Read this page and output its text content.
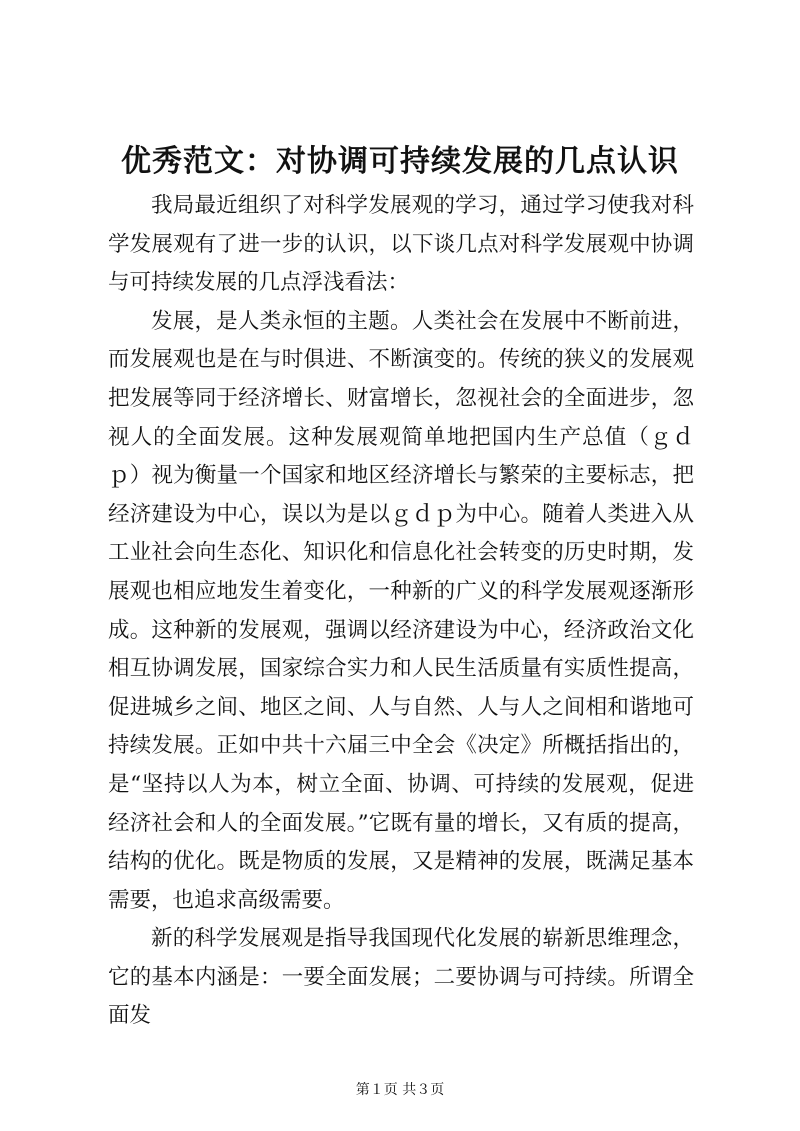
优秀范文：对协调可持续发展的几点认识

我局最近组织了对科学发展观的学习，通过学习使我对科学发展观有了进一步的认识，以下谈几点对科学发展观中协调与可持续发展的几点浮浅看法：

发展，是人类永恒的主题。人类社会在发展中不断前进，而发展观也是在与时俱进、不断演变的。传统的狭义的发展观把发展等同于经济增长、财富增长，忽视社会的全面进步，忽视人的全面发展。这种发展观简单地把国内生产总值（ｇｄｐ）视为衡量一个国家和地区经济增长与繁荣的主要标志，把经济建设为中心，误以为是以ｇｄｐ为中心。随着人类进入从工业社会向生态化、知识化和信息化社会转变的历史时期，发展观也相应地发生着变化，一种新的广义的科学发展观逐渐形成。这种新的发展观，强调以经济建设为中心，经济政治文化相互协调发展，国家综合实力和人民生活质量有实质性提高，促进城乡之间、地区之间、人与自然、人与人之间相和谐地可持续发展。正如中共十六届三中全会《决定》所概括指出的，是“坚持以人为本，树立全面、协调、可持续的发展观，促进经济社会和人的全面发展。”它既有量的增长，又有质的提高，结构的优化。既是物质的发展，又是精神的发展，既满足基本需要，也追求高级需要。

新的科学发展观是指导我国现代化发展的崭新思维理念，它的基本内涵是：一要全面发展；二要协调与可持续。所谓全面发

第１页 共３页
